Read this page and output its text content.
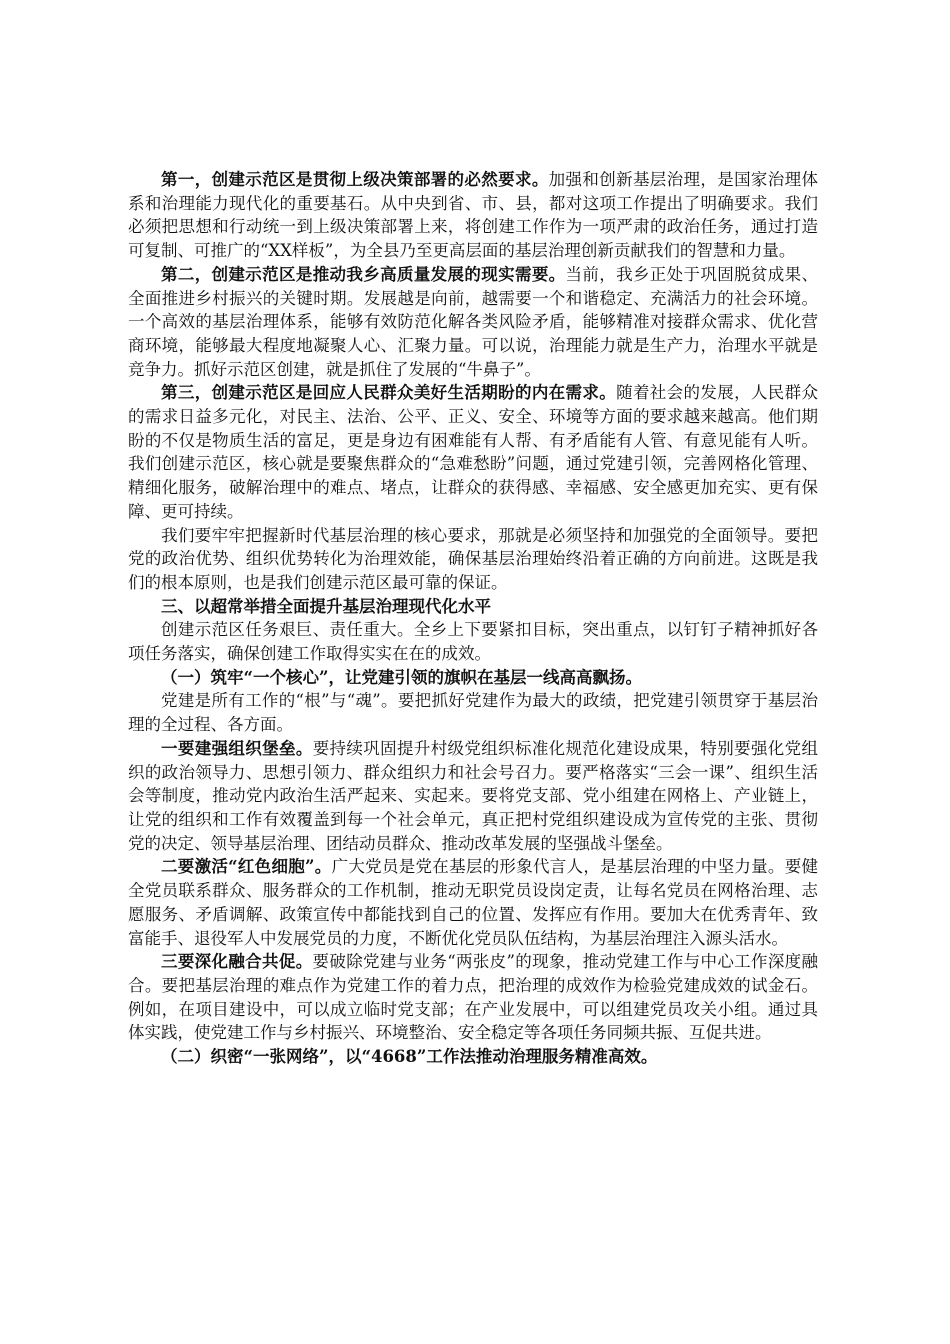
第一，创建示范区是贯彻上级决策部署的必然要求。加强和创新基层治理，是国家治理体系和治理能力现代化的重要基石。从中央到省、市、县，都对这项工作提出了明确要求。我们必须把思想和行动统一到上级决策部署上来，将创建工作作为一项严肃的政治任务，通过打造可复制、可推广的“XX样板”，为全县乃至更高层面的基层治理创新贡献我们的智慧和力量。

第二，创建示范区是推动我乡高质量发展的现实需要。当前，我乡正处于巩固脱贫成果、全面推进乡村振兴的关键时期。发展越是向前，越需要一个和谐稳定、充满活力的社会环境。一个高效的基层治理体系，能够有效防范化解各类风险矛盾，能够精准对接群众需求、优化营商环境，能够最大程度地凝聚人心、汇聚力量。可以说，治理能力就是生产力，治理水平就是竞争力。抓好示范区创建，就是抓住了发展的“牛鼻子”。

第三，创建示范区是回应人民群众美好生活期盼的内在需求。随着社会的发展，人民群众的需求日益多元化，对民主、法治、公平、正义、安全、环境等方面的要求越来越高。他们期盼的不仅是物质生活的富足，更是身边有困难能有人帮、有矛盾能有人管、有意见能有人听。我们创建示范区，核心就是要聚焦群众的“急难愁盼”问题，通过党建引领，完善网格化管理、精细化服务，破解治理中的难点、堵点，让群众的获得感、幸福感、安全感更加充实、更有保障、更可持续。

我们要牢牢把握新时代基层治理的核心要求，那就是必须坚持和加强党的全面领导。要把党的政治优势、组织优势转化为治理效能，确保基层治理始终沿着正确的方向前进。这既是我们的根本原则，也是我们创建示范区最可靠的保证。

三、以超常举措全面提升基层治理现代化水平

创建示范区任务艰巨、责任重大。全乡上下要紧扣目标，突出重点，以钉钉子精神抓好各项任务落实，确保创建工作取得实实在在的成效。

（一）筑牢“一个核心”，让党建引领的旗帜在基层一线高高飘扬。

党建是所有工作的“根”与“魂”。要把抓好党建作为最大的政绩，把党建引领贯穿于基层治理的全过程、各方面。

一要建强组织堡垒。要持续巩固提升村级党组织标准化规范化建设成果，特别要强化党组织的政治领导力、思想引领力、群众组织力和社会号召力。要严格落实“三会一课”、组织生活会等制度，推动党内政治生活严起来、实起来。要将党支部、党小组建在网格上、产业链上，让党的组织和工作有效覆盖到每一个社会单元，真正把村党组织建设成为宣传党的主张、贯彻党的决定、领导基层治理、团结动员群众、推动改革发展的坚强战斗堡垒。

二要激活“红色细胞”。广大党员是党在基层的形象代言人，是基层治理的中坚力量。要健全党员联系群众、服务群众的工作机制，推动无职党员设岗定责，让每名党员在网格治理、志愿服务、矛盾调解、政策宣传中都能找到自己的位置、发挥应有作用。要加大在优秀青年、致富能手、退役军人中发展党员的力度，不断优化党员队伍结构，为基层治理注入源头活水。

三要深化融合共促。要破除党建与业务“两张皮”的现象，推动党建工作与中心工作深度融合。要把基层治理的难点作为党建工作的着力点，把治理的成效作为检验党建成效的试金石。例如，在项目建设中，可以成立临时党支部；在产业发展中，可以组建党员攻关小组。通过具体实践，使党建工作与乡村振兴、环境整治、安全稳定等各项任务同频共振、互促共进。

（二）织密“一张网络”，以“4668”工作法推动治理服务精准高效。
